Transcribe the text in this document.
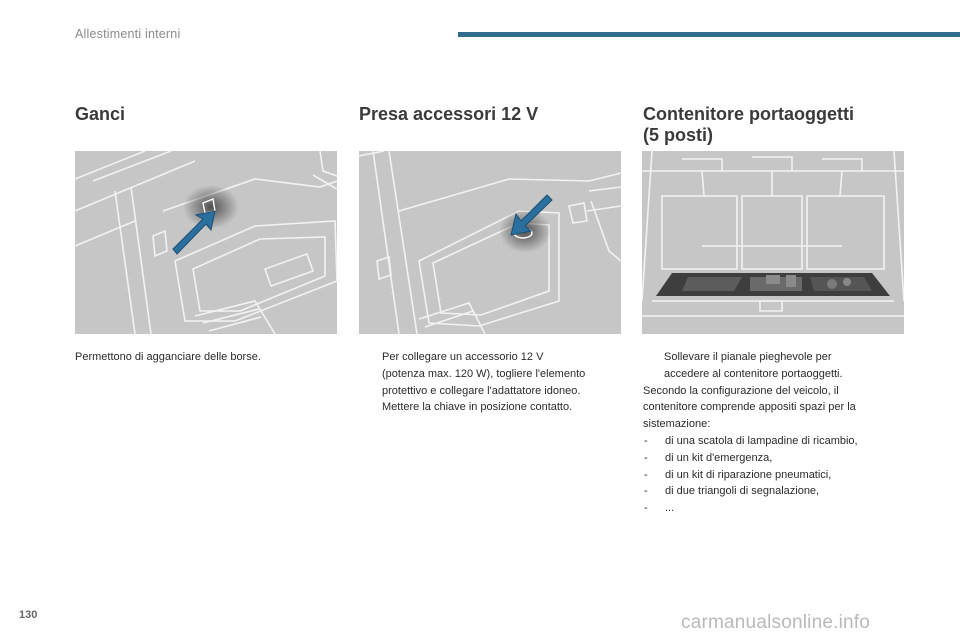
Allestimenti interni
Ganci
Permettono di agganciare delle borse.
Presa accessori 12 V
Per collegare un accessorio 12 V
(potenza max. 120 W), togliere l'elemento
protettivo e collegare l'adattatore idoneo.
Mettere la chiave in posizione contatto.
Contenitore portaoggetti
(5 posti)
Sollevare il pianale pieghevole per
accedere al contenitore portaoggetti.
Secondo la configurazione del veicolo, il
contenitore comprende appositi spazi per la
sistemazione:
- di una scatola di lampadine di ricambio,
- di un kit d'emergenza,
- di un kit di riparazione pneumatici,
- di due triangoli di segnalazione,
- ...
130	carmanualsonline.info
